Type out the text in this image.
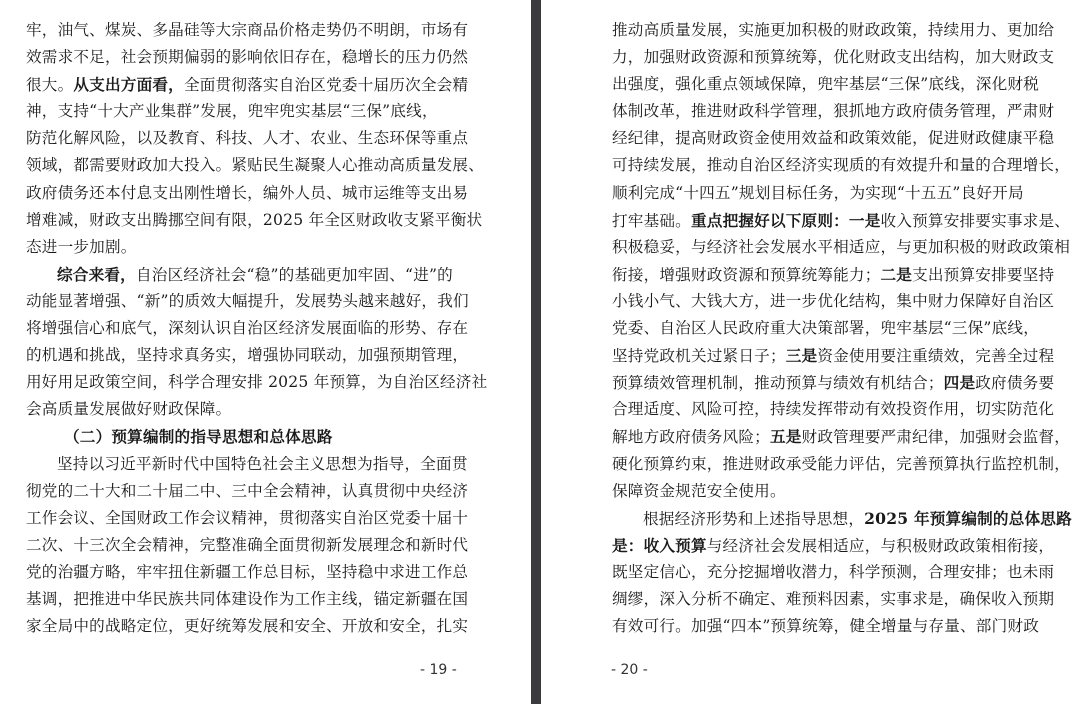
牢，油气、煤炭、多晶硅等大宗商品价格走势仍不明朗，市场有
效需求不足，社会预期偏弱的影响依旧存在，稳增长的压力仍然
很大。从支出方面看，全面贯彻落实自治区党委十届历次全会精
神，支持“十大产业集群”发展，兜牢兜实基层“三保”底线，
防范化解风险，以及教育、科技、人才、农业、生态环保等重点
领域，都需要财政加大投入。紧贴民生凝聚人心推动高质量发展、
政府债务还本付息支出刚性增长，编外人员、城市运维等支出易
增难减，财政支出腾挪空间有限，2025 年全区财政收支紧平衡状
态进一步加剧。
综合来看，自治区经济社会“稳”的基础更加牢固、“进”的
动能显著增强、“新”的质效大幅提升，发展势头越来越好，我们
将增强信心和底气，深刻认识自治区经济发展面临的形势、存在
的机遇和挑战，坚持求真务实，增强协同联动，加强预期管理，
用好用足政策空间，科学合理安排 2025 年预算，为自治区经济社
会高质量发展做好财政保障。
（二）预算编制的指导思想和总体思路
坚持以习近平新时代中国特色社会主义思想为指导，全面贯
彻党的二十大和二十届二中、三中全会精神，认真贯彻中央经济
工作会议、全国财政工作会议精神，贯彻落实自治区党委十届十
二次、十三次全会精神，完整准确全面贯彻新发展理念和新时代
党的治疆方略，牢牢扭住新疆工作总目标，坚持稳中求进工作总
基调，把推进中华民族共同体建设作为工作主线，锚定新疆在国
家全局中的战略定位，更好统筹发展和安全、开放和安全，扎实
- 19 -
推动高质量发展，实施更加积极的财政政策，持续用力、更加给
力，加强财政资源和预算统筹，优化财政支出结构，加大财政支
出强度，强化重点领域保障，兜牢基层“三保”底线，深化财税
体制改革，推进财政科学管理，狠抓地方政府债务管理，严肃财
经纪律，提高财政资金使用效益和政策效能，促进财政健康平稳
可持续发展，推动自治区经济实现质的有效提升和量的合理增长，
顺利完成“十四五”规划目标任务，为实现“十五五”良好开局
打牢基础。重点把握好以下原则：一是收入预算安排要实事求是、
积极稳妥，与经济社会发展水平相适应，与更加积极的财政政策相
衔接，增强财政资源和预算统筹能力；二是支出预算安排要坚持
小钱小气、大钱大方，进一步优化结构，集中财力保障好自治区
党委、自治区人民政府重大决策部署，兜牢基层“三保”底线，
坚持党政机关过紧日子；三是资金使用要注重绩效，完善全过程
预算绩效管理机制，推动预算与绩效有机结合；四是政府债务要
合理适度、风险可控，持续发挥带动有效投资作用，切实防范化
解地方政府债务风险；五是财政管理要严肃纪律，加强财会监督，
硬化预算约束，推进财政承受能力评估，完善预算执行监控机制，
保障资金规范安全使用。
根据经济形势和上述指导思想，2025 年预算编制的总体思路
是：收入预算与经济社会发展相适应，与积极财政政策相衔接，
既坚定信心，充分挖掘增收潜力，科学预测，合理安排；也未雨
绸缪，深入分析不确定、难预料因素，实事求是，确保收入预期
有效可行。加强“四本”预算统筹，健全增量与存量、部门财政
- 20 -
